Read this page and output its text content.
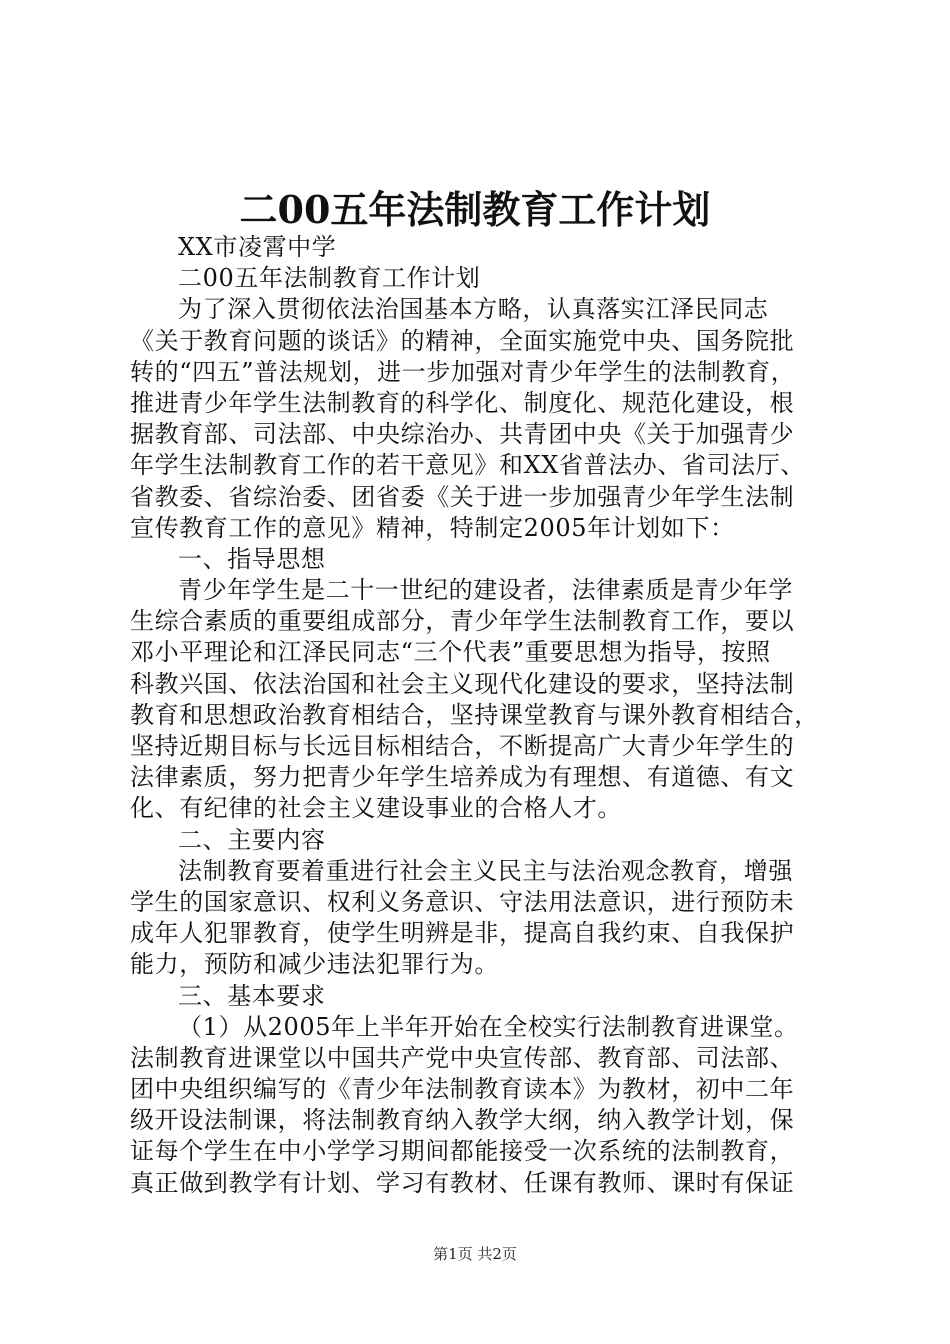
二00五年法制教育工作计划
XX市凌霄中学
二00五年法制教育工作计划
为了深入贯彻依法治国基本方略，认真落实江泽民同志
《关于教育问题的谈话》的精神，全面实施党中央、国务院批
转的“四五”普法规划，进一步加强对青少年学生的法制教育，
推进青少年学生法制教育的科学化、制度化、规范化建设，根
据教育部、司法部、中央综治办、共青团中央《关于加强青少
年学生法制教育工作的若干意见》和XX省普法办、省司法厅、
省教委、省综治委、团省委《关于进一步加强青少年学生法制
宣传教育工作的意见》精神，特制定2005年计划如下：
一、指导思想
青少年学生是二十一世纪的建设者，法律素质是青少年学
生综合素质的重要组成部分，青少年学生法制教育工作，要以
邓小平理论和江泽民同志“三个代表”重要思想为指导，按照
科教兴国、依法治国和社会主义现代化建设的要求，坚持法制
教育和思想政治教育相结合，坚持课堂教育与课外教育相结合，
坚持近期目标与长远目标相结合，不断提高广大青少年学生的
法律素质，努力把青少年学生培养成为有理想、有道德、有文
化、有纪律的社会主义建设事业的合格人才。
二、主要内容
法制教育要着重进行社会主义民主与法治观念教育，增强
学生的国家意识、权利义务意识、守法用法意识，进行预防未
成年人犯罪教育，使学生明辨是非，提高自我约束、自我保护
能力，预防和减少违法犯罪行为。
三、基本要求
（1）从2005年上半年开始在全校实行法制教育进课堂。
法制教育进课堂以中国共产党中央宣传部、教育部、司法部、
团中央组织编写的《青少年法制教育读本》为教材，初中二年
级开设法制课，将法制教育纳入教学大纲，纳入教学计划，保
证每个学生在中小学学习期间都能接受一次系统的法制教育，
真正做到教学有计划、学习有教材、任课有教师、课时有保证
第1页 共2页
